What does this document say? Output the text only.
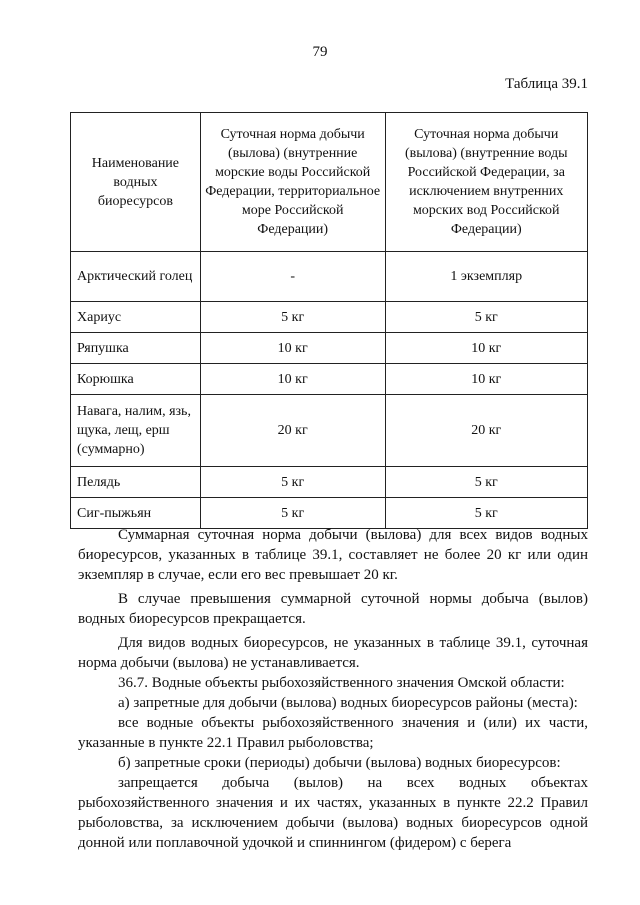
79
Таблица 39.1
Наименование водных биоресурсов	Суточная норма добычи (вылова) (внутренние морские воды Российской Федерации, территориальное море Российской Федерации)	Суточная норма добычи (вылова) (внутренние воды Российской Федерации, за исключением внутренних морских вод Российской Федерации)
Арктический голец	-	1 экземпляр
Хариус	5 кг	5 кг
Ряпушка	10 кг	10 кг
Корюшка	10 кг	10 кг
Навага, налим, язь, щука, лещ, ерш (суммарно)	20 кг	20 кг
Пелядь	5 кг	5 кг
Сиг-пыжьян	5 кг	5 кг

Суммарная суточная норма добычи (вылова) для всех видов водных биоресурсов, указанных в таблице 39.1, составляет не более 20 кг или один экземпляр в случае, если его вес превышает 20 кг.

В случае превышения суммарной суточной нормы добыча (вылов) водных биоресурсов прекращается.

Для видов водных биоресурсов, не указанных в таблице 39.1, суточная норма добычи (вылова) не устанавливается.

36.7. Водные объекты рыбохозяйственного значения Омской области:

а) запретные для добычи (вылова) водных биоресурсов районы (места):

все водные объекты рыбохозяйственного значения и (или) их части, указанные в пункте 22.1 Правил рыболовства;

б) запретные сроки (периоды) добычи (вылова) водных биоресурсов:

запрещается добыча (вылов) на всех водных объектах рыбохозяйственного значения и их частях, указанных в пункте 22.2 Правил рыболовства, за исключением добычи (вылова) водных биоресурсов одной донной или поплавочной удочкой и спиннингом (фидером) с берега
